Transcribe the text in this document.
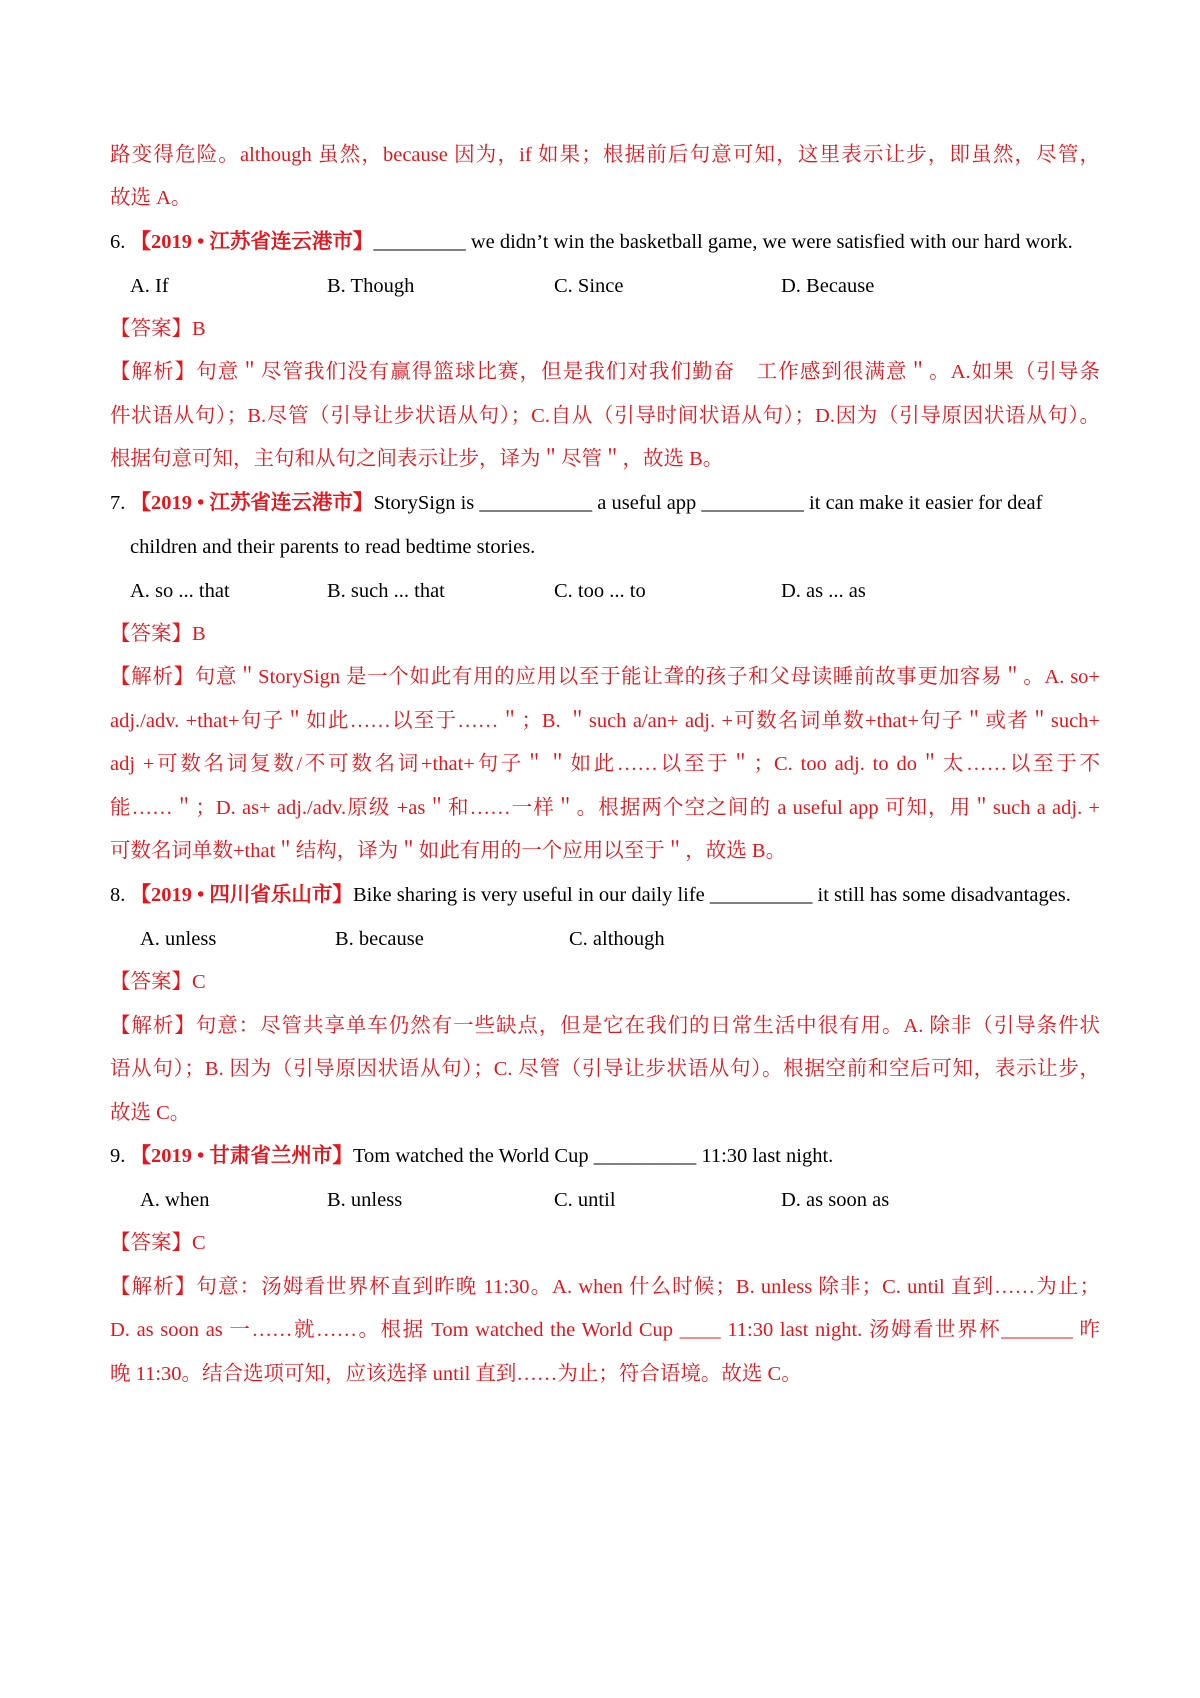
路变得危险。although 虽然，because 因为，if 如果；根据前后句意可知，这里表示让步，即虽然，尽管，
故选 A。
6. 【2019 • 江苏省连云港市】_________ we didn’t win the basketball game, we were satisfied with our hard work.
A. If	B. Though	C. Since	D. Because
【答案】B
【解析】句意＂尽管我们没有赢得篮球比赛，但是我们对我们勤奋　工作感到很满意＂。A.如果（引导条
件状语从句）；B.尽管（引导让步状语从句）；C.自从（引导时间状语从句）；D.因为（引导原因状语从句）。
根据句意可知，主句和从句之间表示让步，译为＂尽管＂，故选 B。
7. 【2019 • 江苏省连云港市】StorySign is ___________ a useful app __________ it can make it easier for deaf
children and their parents to read bedtime stories.
A. so ... that	B. such ... that	C. too ... to	D. as ... as
【答案】B
【解析】句意＂StorySign 是一个如此有用的应用以至于能让聋的孩子和父母读睡前故事更加容易＂。A. so+
adj./adv. +that+句子＂如此……以至于……＂；B. ＂such a/an+ adj. +可数名词单数+that+句子＂或者＂such+
adj +可数名词复数/不可数名词+that+句子＂＂如此……以至于＂；C. too adj. to do＂太……以至于不
能……＂；D. as+ adj./adv.原级 +as＂和……一样＂。根据两个空之间的 a useful app 可知，用＂such a adj. +
可数名词单数+that＂结构，译为＂如此有用的一个应用以至于＂，故选 B。
8. 【2019 • 四川省乐山市】Bike sharing is very useful in our daily life __________ it still has some disadvantages.
A. unless	B. because	C. although
【答案】C
【解析】句意：尽管共享单车仍然有一些缺点，但是它在我们的日常生活中很有用。A. 除非（引导条件状
语从句）；B. 因为（引导原因状语从句）；C. 尽管（引导让步状语从句）。根据空前和空后可知，表示让步，
故选 C。
9. 【2019 • 甘肃省兰州市】Tom watched the World Cup __________ 11:30 last night.
A. when	B. unless	C. until	D. as soon as
【答案】C
【解析】句意：汤姆看世界杯直到昨晚 11:30。A. when 什么时候；B. unless 除非；C. until 直到……为止；
D. as soon as 一……就……。根据 Tom watched the World Cup ____ 11:30 last night. 汤姆看世界杯_______ 昨
晚 11:30。结合选项可知，应该选择 until 直到……为止；符合语境。故选 C。
